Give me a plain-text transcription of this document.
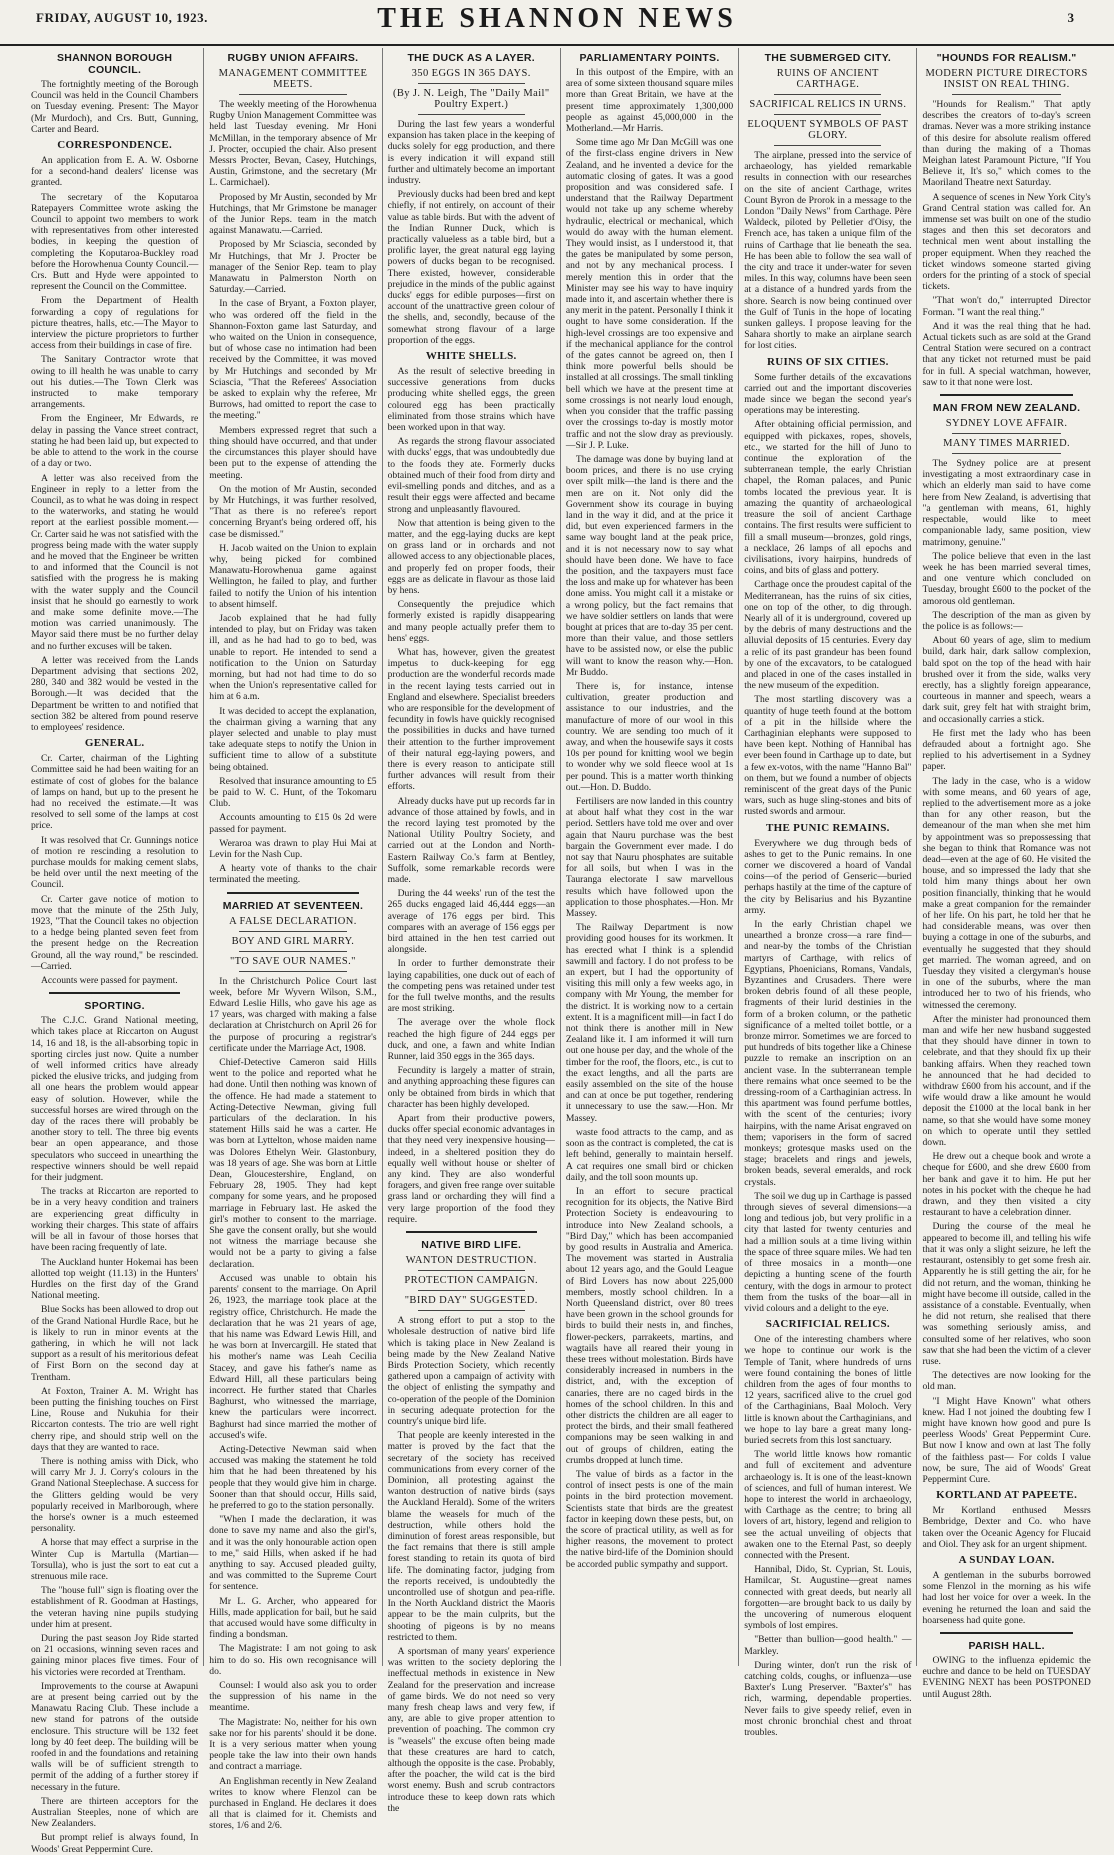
FRIDAY, AUGUST 10, 1923.	THE SHANNON NEWS	3
SHANNON BOROUGH COUNCIL.

The fortnightly meeting of the Borough Council was held in the Council Chambers on Tuesday evening. Present: The Mayor (Mr Murdoch), and Crs. Butt, Gunning, Carter and Beard.

CORRESPONDENCE.

An application from E. A. W. Osborne for a second-hand dealers' license was granted.

The secretary of the Koputaroa Ratepayers Committee wrote asking the Council to appoint two members to work with representatives from other interested bodies, in keeping the question of completing the Koputaroa-Buckley road before the Horowhenua County Council.—Crs. Butt and Hyde were appointed to represent the Council on the Committee.

From the Department of Health forwarding a copy of regulations for picture theatres, halls, etc.—The Mayor to interview the picture proprietors to further access from their buildings in case of fire.

The Sanitary Contractor wrote that owing to ill health he was unable to carry out his duties.—The Town Clerk was instructed to make temporary arrangements.

From the Engineer, Mr Edwards, re delay in passing the Vance street contract, stating he had been laid up, but expected to be able to attend to the work in the course of a day or two.

A letter was also received from the Engineer in reply to a letter from the Council, as to what he was doing in respect to the waterworks, and stating he would report at the earliest possible moment.—Cr. Carter said he was not satisfied with the progress being made with the water supply and he moved that the Engineer be written to and informed that the Council is not satisfied with the progress he is making with the water supply and the Council insist that he should go earnestly to work and make some definite move.—The motion was carried unanimously. The Mayor said there must be no further delay and no further excuses will be taken.

A letter was received from the Lands Department advising that sections 202, 280, 340 and 382 would be vested in the Borough.—It was decided that the Department be written to and notified that section 382 be altered from pound reserve to employees' residence.

GENERAL.

Cr. Carter, chairman of the Lighting Committee said he had been waiting for an estimate of cost of globes for the balance of lamps on hand, but up to the present he had no received the estimate.—It was resolved to sell some of the lamps at cost price.

It was resolved that Cr. Gunnings notice of motion re rescinding a resolution to purchase moulds for making cement slabs, be held over until the next meeting of the Council.

Cr. Carter gave notice of motion to move that the minute of the 25th July, 1923, "That the Council takes no objection to a hedge being planted seven feet from the present hedge on the Recreation Ground, all the way round," be rescinded.—Carried.

Accounts were passed for payment.

SPORTING.

The C.J.C. Grand National meeting, which takes place at Riccarton on August 14, 16 and 18, is the all-absorbing topic in sporting circles just now. Quite a number of well informed critics have already picked the elusive tricks, and judging from all one hears the problem would appear easy of solution. However, while the successful horses are wired through on the day of the races there will probably be another story to tell. The three big events bear an open appearance, and those speculators who succeed in unearthing the respective winners should be well repaid for their judgment.

The tracks at Riccarton are reported to be in a very heavy condition and trainers are experiencing great difficulty in working their charges. This state of affairs will be all in favour of those horses that have been racing frequently of late.

The Auckland hunter Hokemai has been allotted top weight (11.13) in the Hunters' Hurdles on the first day of the Grand National meeting.

Blue Socks has been allowed to drop out of the Grand National Hurdle Race, but he is likely to run in minor events at the gathering, in which he will not lack support as a result of his meritorious defeat of First Born on the second day at Trentham.

At Foxton, Trainer A. M. Wright has been putting the finishing touches on First Line, Rouse and Nukuhia for their Riccarton contests. The trio are well right cherry ripe, and should strip well on the days that they are wanted to race.

There is nothing amiss with Dick, who will carry Mr J. J. Corry's colours in the Grand National Steeplechase. A success for the Glitters gelding would be very popularly received in Marlborough, where the horse's owner is a much esteemed personality.

A horse that may effect a surprise in the Winter Cup is Martulla (Martian—Torsulla), who is just the sort to eat cut a strenuous mile race.

The "house full" sign is floating over the establishment of R. Goodman at Hastings, the veteran having nine pupils studying under him at present.

During the past season Joy Ride started on 21 occasions, winning seven races and gaining minor places five times. Four of his victories were recorded at Trentham.

Improvements to the course at Awapuni are at present being carried out by the Manawatu Racing Club. These include a new stand for patrons of the outside enclosure. This structure will be 132 feet long by 40 feet deep. The building will be roofed in and the foundations and retaining walls will be of sufficient strength to permit of the adding of a further storey if necessary in the future.

There are thirteen acceptors for the Australian Steeples, none of which are New Zealanders.

But prompt relief is always found, In Woods' Great Peppermint Cure.

RUGBY UNION AFFAIRS.
MANAGEMENT COMMITTEE MEETS.

The weekly meeting of the Horowhenua Rugby Union Management Committee was held last Tuesday evening. Mr Honi McMillan, in the temporary absence of Mr J. Procter, occupied the chair. Also present Messrs Procter, Bevan, Casey, Hutchings, Austin, Grimstone, and the secretary (Mr L. Carmichael).

Proposed by Mr Austin, seconded by Mr Hutchings, that Mr Grimstone be manager of the Junior Reps. team in the match against Manawatu.—Carried.

Proposed by Mr Sciascia, seconded by Mr Hutchings, that Mr J. Procter be manager of the Senior Rep. team to play Manawatu in Palmerston North on Saturday.—Carried.

In the case of Bryant, a Foxton player, who was ordered off the field in the Shannon-Foxton game last Saturday, and who waited on the Union in consequence, but of whose case no intimation had been received by the Committee, it was moved by Mr Hutchings and seconded by Mr Sciascia, "That the Referees' Association be asked to explain why the referee, Mr Burrows, had omitted to report the case to the meeting."

Members expressed regret that such a thing should have occurred, and that under the circumstances this player should have been put to the expense of attending the meeting.

On the motion of Mr Austin, seconded by Mr Hutchings, it was further resolved, "That as there is no referee's report concerning Bryant's being ordered off, his case be dismissed."

H. Jacob waited on the Union to explain why, being picked for combined Manawatu-Horowhenua game against Wellington, he failed to play, and further failed to notify the Union of his intention to absent himself.

Jacob explained that he had fully intended to play, but on Friday was taken ill, and as he had had to go to bed, was unable to report. He intended to send a notification to the Union on Saturday morning, but had not had time to do so when the Union's representative called for him at 6 a.m.

It was decided to accept the explanation, the chairman giving a warning that any player selected and unable to play must take adequate steps to notify the Union in sufficient time to allow of a substitute being obtained.

Resolved that insurance amounting to £5 be paid to W. C. Hunt, of the Tokomaru Club.

Accounts amounting to £15 0s 2d were passed for payment.

Weraroa was drawn to play Hui Mai at Levin for the Nash Cup.

A hearty vote of thanks to the chair terminated the meeting.

MARRIED AT SEVENTEEN.
A FALSE DECLARATION.
BOY AND GIRL MARRY.
"TO SAVE OUR NAMES."

In the Christchurch Police Court last week, before Mr Wyvern Wilson, S.M., Edward Leslie Hills, who gave his age as 17 years, was charged with making a false declaration at Christchurch on April 26 for the purpose of procuring a registrar's certificate under the Marriage Act, 1908.

Chief-Detective Cameron said Hills went to the police and reported what he had done. Until then nothing was known of the offence. He had made a statement to Acting-Detective Newman, giving full particulars of the declaration. In his statement Hills said he was a carter. He was born at Lyttelton, whose maiden name was Dolores Ethelyn Weir. Glastonbury, was 18 years of age. She was born at Little Dean, Gloucestershire, England, on February 28, 1905. They had kept company for some years, and he proposed marriage in February last. He asked the girl's mother to consent to the marriage. She gave the consent orally, but she would not witness the marriage because she would not be a party to giving a false declaration.

Accused was unable to obtain his parents' consent to the marriage. On April 26, 1923, the marriage took place at the registry office, Christchurch. He made the declaration that he was 21 years of age, that his name was Edward Lewis Hill, and he was born at Invercargill. He stated that his mother's name was Leah Cecilia Stacey, and gave his father's name as Edward Hill, all these particulars being incorrect. He further stated that Charles Baghurst, who witnessed the marriage, knew the particulars were incorrect. Baghurst had since married the mother of accused's wife.

Acting-Detective Newman said when accused was making the statement he told him that he had been threatened by his people that they would give him in charge. Sooner than that should occur, Hills said, he preferred to go to the station personally.

"When I made the declaration, it was done to save my name and also the girl's, and it was the only honourable action open to me," said Hills, when asked if he had anything to say. Accused pleaded guilty, and was committed to the Supreme Court for sentence.

Mr L. G. Archer, who appeared for Hills, made application for bail, but he said that accused would have some difficulty in finding a bondsman.

The Magistrate: I am not going to ask him to do so. His own recognisance will do.

Counsel: I would also ask you to order the suppression of his name in the meantime.

The Magistrate: No, neither for his own sake nor for his parents' should it be done. It is a very serious matter when young people take the law into their own hands and contract a marriage.

An Englishman recently in New Zealand writes to know where Flenzol can be purchased in England. He declares it does all that is claimed for it. Chemists and stores, 1/6 and 2/6.

THE DUCK AS A LAYER.
350 EGGS IN 365 DAYS.
(By J. N. Leigh, The "Daily Mail" Poultry Expert.)

During the last few years a wonderful expansion has taken place in the keeping of ducks solely for egg production, and there is every indication it will expand still further and ultimately become an important industry.

Previously ducks had been bred and kept chiefly, if not entirely, on account of their value as table birds. But with the advent of the Indian Runner Duck, which is practically valueless as a table bird, but a prolific layer, the great natural egg laying powers of ducks began to be recognised. There existed, however, considerable prejudice in the minds of the public against ducks' eggs for edible purposes—first on account of the unattractive green colour of the shells, and, secondly, because of the somewhat strong flavour of a large proportion of the eggs.

WHITE SHELLS.

As the result of selective breeding in successive generations from ducks producing white shelled eggs, the green coloured egg has been practically eliminated from those strains which have been worked upon in that way.

As regards the strong flavour associated with ducks' eggs, that was undoubtedly due to the foods they ate. Formerly ducks obtained much of their food from dirty and evil-smelling ponds and ditches, and as a result their eggs were affected and became strong and unpleasantly flavoured.

Now that attention is being given to the matter, and the egg-laying ducks are kept on grass land or in orchards and not allowed access to any objectionable places, and properly fed on proper foods, their eggs are as delicate in flavour as those laid by hens.

Consequently the prejudice which formerly existed is rapidly disappearing and many people actually prefer them to hens' eggs.

What has, however, given the greatest impetus to duck-keeping for egg production are the wonderful records made in the recent laying tests carried out in England and elsewhere. Specialist breeders who are responsible for the development of fecundity in fowls have quickly recognised the possibilities in ducks and have turned their attention to the further improvement of their natural egg-laying powers, and there is every reason to anticipate still further advances will result from their efforts.

Already ducks have put up records far in advance of those attained by fowls, and in the record laying test promoted by the National Utility Poultry Society, and carried out at the London and North-Eastern Railway Co.'s farm at Bentley, Suffolk, some remarkable records were made.

During the 44 weeks' run of the test the 265 ducks engaged laid 46,444 eggs—an average of 176 eggs per bird. This compares with an average of 156 eggs per bird attained in the hen test carried out alongside.

In order to further demonstrate their laying capabilities, one duck out of each of the competing pens was retained under test for the full twelve months, and the results are most striking.

The average over the whole flock reached the high figure of 244 eggs per duck, and one, a fawn and white Indian Runner, laid 350 eggs in the 365 days.

Fecundity is largely a matter of strain, and anything approaching these figures can only be obtained from birds in which that character has been highly developed.

Apart from their productive powers, ducks offer special economic advantages in that they need very inexpensive housing—indeed, in a sheltered position they do equally well without house or shelter of any kind. They are also wonderful foragers, and given free range over suitable grass land or orcharding they will find a very large proportion of the food they require.

NATIVE BIRD LIFE.
WANTON DESTRUCTION.
PROTECTION CAMPAIGN.
"BIRD DAY" SUGGESTED.

A strong effort to put a stop to the wholesale destruction of native bird life which is taking place in New Zealand is being made by the New Zealand Native Birds Protection Society, which recently gathered upon a campaign of activity with the object of enlisting the sympathy and co-operation of the people of the Dominion in securing adequate protection for the country's unique bird life.

That people are keenly interested in the matter is proved by the fact that the secretary of the society has received communications from every corner of the Dominion, all protesting against the wanton destruction of native birds (says the Auckland Herald). Some of the writers blame the weasels for much of the destruction, while others hold the diminution of forest areas responsible, but the fact remains that there is still ample forest standing to retain its quota of bird life. The dominating factor, judging from the reports received, is undoubtedly the uncontrolled use of shotgun and pea-rifle. In the North Auckland district the Maoris appear to be the main culprits, but the shooting of pigeons is by no means restricted to them.

A sportsman of many years' experience was written to the society deploring the ineffectual methods in existence in New Zealand for the preservation and increase of game birds. We do not need so very many fresh cheap laws and very few, if any, are able to give proper attention to prevention of poaching. The common cry is "weasels" the excuse often being made that these creatures are hard to catch, although the opposite is the case. Probably, after the poacher, the wild cat is the bird worst enemy. Bush and scrub contractors introduce these to keep down rats which the

PARLIAMENTARY POINTS.

In this outpost of the Empire, with an area of some sixteen thousand square miles more than Great Britain, we have at the present time approximately 1,300,000 people as against 45,000,000 in the Motherland.—Mr Harris.

Some time ago Mr Dan McGill was one of the first-class engine drivers in New Zealand, and he invented a device for the automatic closing of gates. It was a good proposition and was considered safe. I understand that the Railway Department would not take up any scheme whereby hydraulic, electrical or mechanical, which would do away with the human element. They would insist, as I understood it, that the gates be manipulated by some person, and not by any mechanical process. I merely mention this in order that the Minister may see his way to have inquiry made into it, and ascertain whether there is any merit in the patent. Personally I think it ought to have some consideration. If the high-level crossings are too expensive and if the mechanical appliance for the control of the gates cannot be agreed on, then I think more powerful bells should be installed at all crossings. The small tinkling bell which we have at the present time at some crossings is not nearly loud enough, when you consider that the traffic passing over the crossings to-day is mostly motor traffic and not the slow dray as previously.—Sir J. P. Luke.

The damage was done by buying land at boom prices, and there is no use crying over spilt milk—the land is there and the men are on it. Not only did the Government show its courage in buying land in the way it did, and at the price it did, but even experienced farmers in the same way bought land at the peak price, and it is not necessary now to say what should have been done. We have to face the position, and the taxpayers must face the loss and make up for whatever has been done amiss. You might call it a mistake or a wrong policy, but the fact remains that we have soldier settlers on lands that were bought at prices that are to-day 35 per cent. more than their value, and those settlers have to be assisted now, or else the public will want to know the reason why.—Hon. Mr Buddo.

There is, for instance, intense cultivation, greater production and assistance to our industries, and the manufacture of more of our wool in this country. We are sending too much of it away, and when the housewife says it costs 10s per pound for knitting wool we begin to wonder why we sold fleece wool at 1s per pound. This is a matter worth thinking out.—Hon. D. Buddo.

Fertilisers are now landed in this country at about half what they cost in the war period. Settlers have told me over and over again that Nauru purchase was the best bargain the Government ever made. I do not say that Nauru phosphates are suitable for all soils, but when I was in the Tauranga electorate I saw marvellous results which have followed upon the application to those phosphates.—Hon. Mr Massey.

The Railway Department is now providing good houses for its workmen. It has erected what I think is a splendid sawmill and factory. I do not profess to be an expert, but I had the opportunity of visiting this mill only a few weeks ago, in company with Mr Young, the member for the district. It is working now to a certain extent. It is a magnificent mill—in fact I do not think there is another mill in New Zealand like it. I am informed it will turn out one house per day, and the whole of the timber for the roof, the floors, etc., is cut to the exact lengths, and all the parts are easily assembled on the site of the house and can at once be put together, rendering it unnecessary to use the saw.—Hon. Mr Massey.

waste food attracts to the camp, and as soon as the contract is completed, the cat is left behind, generally to maintain herself. A cat requires one small bird or chicken daily, and the toll soon mounts up.

In an effort to secure practical recognition for its objects, the Native Bird Protection Society is endeavouring to introduce into New Zealand schools, a "Bird Day," which has been accompanied by good results in Australia and America. The movement was started in Australia about 12 years ago, and the Gould League of Bird Lovers has now about 225,000 members, mostly school children. In a North Queensland district, over 80 trees have been grown in the school grounds for birds to build their nests in, and finches, flower-peckers, parrakeets, martins, and wagtails have all reared their young in these trees without molestation. Birds have considerably increased in numbers in the district, and, with the exception of canaries, there are no caged birds in the homes of the school children. In this and other districts the children are all eager to protect the birds, and their small feathered companions may be seen walking in and out of groups of children, eating the crumbs dropped at lunch time.

The value of birds as a factor in the control of insect pests is one of the main points in the bird protection movement. Scientists state that birds are the greatest factor in keeping down these pests, but, on the score of practical utility, as well as for higher reasons, the movement to protect the native bird-life of the Dominion should be accorded public sympathy and support.

THE SUBMERGED CITY.
RUINS OF ANCIENT CARTHAGE.
SACRIFICAL RELICS IN URNS.
ELOQUENT SYMBOLS OF PAST GLORY.

The airplane, pressed into the service of archaeology, has yielded remarkable results in connection with our researches on the site of ancient Carthage, writes Count Byron de Prorok in a message to the London "Daily News" from Carthage. Père Waldeck, piloted by Pelletier d'Oisy, the French ace, has taken a unique film of the ruins of Carthage that lie beneath the sea. He has been able to follow the sea wall of the city and trace it under-water for seven miles. In this way, columns have been seen at a distance of a hundred yards from the shore. Search is now being continued over the Gulf of Tunis in the hope of locating sunken galleys. I propose leaving for the Sahara shortly to make an airplane search for lost cities.

RUINS OF SIX CITIES.

Some further details of the excavations carried out and the important discoveries made since we began the second year's operations may be interesting.

After obtaining official permission, and equipped with pickaxes, ropes, shovels, etc., we started for the hill of Juno to continue the exploration of the subterranean temple, the early Christian chapel, the Roman palaces, and Punic tombs located the previous year. It is amazing the quantity of archaeological treasure the soil of ancient Carthage contains. The first results were sufficient to fill a small museum—bronzes, gold rings, a necklace, 26 lamps of all epochs and civilisations, ivory hairpins, hundreds of coins, and bits of glass and pottery.

Carthage once the proudest capital of the Mediterranean, has the ruins of six cities, one on top of the other, to dig through. Nearly all of it is underground, covered up by the debris of many destructions and the alluvial deposits of 15 centuries. Every day a relic of its past grandeur has been found by one of the excavators, to be catalogued and placed in one of the cases installed in the new museum of the expedition.

The most startling discovery was a quantity of huge teeth found at the bottom of a pit in the hillside where the Carthaginian elephants were supposed to have been kept. Nothing of Hannibal has ever been found in Carthage up to date, but a few ex-votos, with the name "Hanno Bal" on them, but we found a number of objects reminiscent of the great days of the Punic wars, such as huge sling-stones and bits of rusted swords and armour.

THE PUNIC REMAINS.

Everywhere we dug through beds of ashes to get to the Punic remains. In one corner we discovered a hoard of Vandal coins—of the period of Genseric—buried perhaps hastily at the time of the capture of the city by Belisarius and his Byzantine army.

In the early Christian chapel we unearthed a bronze cross—a rare find—and near-by the tombs of the Christian martyrs of Carthage, with relics of Egyptians, Phoenicians, Romans, Vandals, Byzantines and Crusaders. There were broken debris found of all these people, fragments of their lurid destinies in the form of a broken column, or the pathetic significance of a melted toilet bottle, or a bronze mirror. Sometimes we are forced to put hundreds of bits together like a Chinese puzzle to remake an inscription on an ancient vase. In the subterranean temple there remains what once seemed to be the dressing-room of a Carthaginian actress. In this apartment was found perfume bottles, with the scent of the centuries; ivory hairpins, with the name Arisat engraved on them; vaporisers in the form of sacred monkeys; grotesque masks used on the stage; bracelets and rings and jewels, broken beads, several emeralds, and rock crystals.

The soil we dug up in Carthage is passed through sieves of several dimensions—a long and tedious job, but very prolific in a city that lasted for twenty centuries and had a million souls at a time living within the space of three square miles. We had ten of three mosaics in a month—one depicting a hunting scene of the fourth century, with the dogs in armour to protect them from the tusks of the boar—all in vivid colours and a delight to the eye.

SACRIFICIAL RELICS.

One of the interesting chambers where we hope to continue our work is the Temple of Tanit, where hundreds of urns were found containing the bones of little children from the ages of four months to 12 years, sacrificed alive to the cruel god of the Carthaginians, Baal Moloch. Very little is known about the Carthaginians, and we hope to lay bare a great many long-buried secrets from this lost sanctuary.

The world little knows how romantic and full of excitement and adventure archaeology is. It is one of the least-known of sciences, and full of human interest. We hope to interest the world in archaeology, with Carthage as the centre; to bring all lovers of art, history, legend and religion to see the actual unveiling of objects that awaken one to the Eternal Past, so deeply connected with the Present.

Hannibal, Dido, St. Cyprian, St. Louis, Hamilcar, St. Augustine—great names connected with great deeds, but nearly all forgotten—are brought back to us daily by the uncovering of numerous eloquent symbols of lost empires.

"Better than bullion—good health." —Markley.

During winter, don't run the risk of catching colds, coughs, or influenza—use Baxter's Lung Preserver. "Baxter's" has rich, warming, dependable properties. Never fails to give speedy relief, even in most chronic bronchial chest and throat troubles.

"HOUNDS FOR REALISM."
MODERN PICTURE DIRECTORS INSIST ON REAL THING.

"Hounds for Realism." That aptly describes the creators of to-day's screen dramas. Never was a more striking instance of this desire for absolute realism offered than during the making of a Thomas Meighan latest Paramount Picture, "If You Believe it, It's so," which comes to the Maoriland Theatre next Saturday.

A sequence of scenes in New York City's Grand Central station was called for. An immense set was built on one of the studio stages and then this set decorators and technical men went about installing the proper equipment. When they reached the ticket windows someone started giving orders for the printing of a stock of special tickets.

"That won't do," interrupted Director Forman. "I want the real thing."

And it was the real thing that he had. Actual tickets such as are sold at the Grand Central Station were secured on a contract that any ticket not returned must be paid for in full. A special watchman, however, saw to it that none were lost.

MAN FROM NEW ZEALAND.
SYDNEY LOVE AFFAIR.
MANY TIMES MARRIED.

The Sydney police are at present investigating a most extraordinary case in which an elderly man said to have come here from New Zealand, is advertising that "a gentleman with means, 61, highly respectable, would like to meet companionable lady, same position, view matrimony, genuine."

The police believe that even in the last week he has been married several times, and one venture which concluded on Tuesday, brought £600 to the pocket of the amorous old gentleman.

The description of the man as given by the police is as follows:—

About 60 years of age, slim to medium build, dark hair, dark sallow complexion, bald spot on the top of the head with hair brushed over it from the side, walks very erectly, has a slightly foreign appearance, courteous in manner and speech, wears a dark suit, grey felt hat with straight brim, and occasionally carries a stick.

He first met the lady who has been defrauded about a fortnight ago. She replied to his advertisement in a Sydney paper.

The lady in the case, who is a widow with some means, and 60 years of age, replied to the advertisement more as a joke than for any other reason, but the demeanour of the man when she met him by appointment was so prepossessing that she began to think that Romance was not dead—even at the age of 60. He visited the house, and so impressed the lady that she told him many things about her own position financially, thinking that he would make a great companion for the remainder of her life. On his part, he told her that he had considerable means, was over then buying a cottage in one of the suburbs, and eventually he suggested that they should get married. The woman agreed, and on Tuesday they visited a clergyman's house in one of the suburbs, where the man introduced her to two of his friends, who witnessed the ceremony.

After the minister had pronounced them man and wife her new husband suggested that they should have dinner in town to celebrate, and that they should fix up their banking affairs. When they reached town he announced that he had decided to withdraw £600 from his account, and if the wife would draw a like amount he would deposit the £1000 at the local bank in her name, so that she would have some money on which to operate until they settled down.

He drew out a cheque book and wrote a cheque for £600, and she drew £600 from her bank and gave it to him. He put her notes in his pocket with the cheque he had drawn, and they then visited a city restaurant to have a celebration dinner.

During the course of the meal he appeared to become ill, and telling his wife that it was only a slight seizure, he left the restaurant, ostensibly to get some fresh air. Apparently he is still getting the air, for he did not return, and the woman, thinking he might have become ill outside, called in the assistance of a constable. Eventually, when he did not return, she realised that there was something seriously amiss, and consulted some of her relatives, who soon saw that she had been the victim of a clever ruse.

The detectives are now looking for the old man.

"I Might Have Known" what others knew. Had I not joined the doubting few I might have known how good and pure Is peerless Woods' Great Peppermint Cure. But now I know and own at last The folly of the faithless past— For colds I value now, be sure, The aid of Woods' Great Peppermint Cure.

KORTLAND AT PAPEETE.

Mr Kortland enthused Messrs Bembridge, Dexter and Co. who have taken over the Oceanic Agency for Flucaid and Oiol. They ask for an urgent shipment.

A SUNDAY LOAN.

A gentleman in the suburbs borrowed some Flenzol in the morning as his wife had lost her voice for over a week. In the evening he returned the loan and said the hoarseness had quite gone.

PARISH HALL.

OWING to the influenza epidemic the euchre and dance to be held on TUESDAY EVENING NEXT has been POSTPONED until August 28th.
